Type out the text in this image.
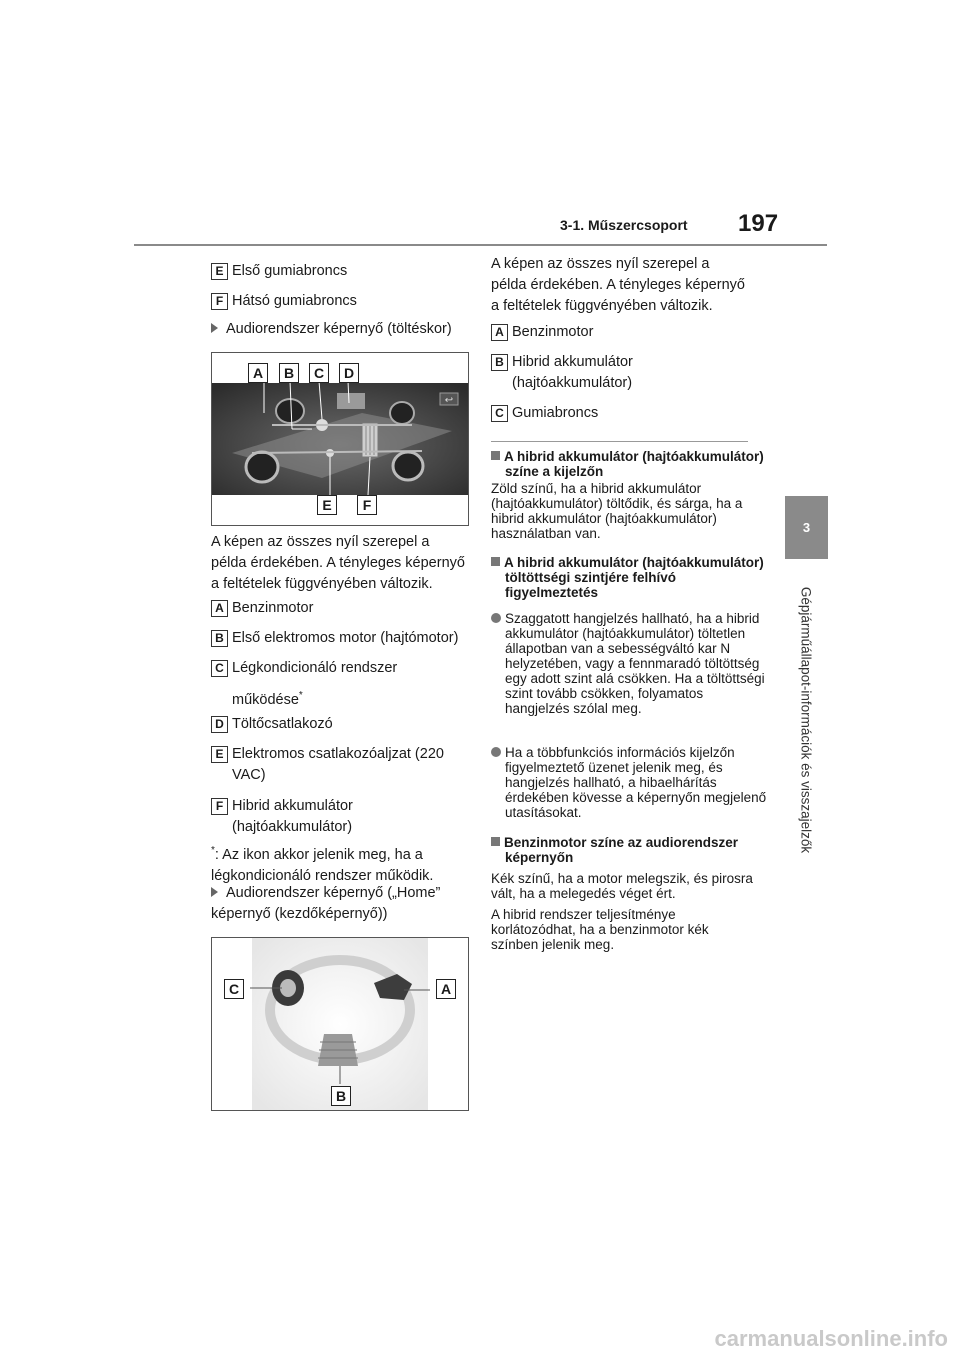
3-1. Műszercsoport 197
3
Gépjárműállapot-információk és visszajelzők
E Első gumiabroncs
F Hátsó gumiabroncs
Audiorendszer képernyő (töltéskor)
↩
A	B	C	D
E	F
A képen az összes nyíl szerepel a példa érdekében. A tényleges képernyő a feltételek függvényében változik.
A Benzinmotor
B Első elektromos motor (hajtómotor)
C Légkondicionáló rendszer működése*
D Töltőcsatlakozó
E Elektromos csatlakozóaljzat (220 VAC)
F Hibrid akkumulátor (hajtóakkumulátor)
*: Az ikon akkor jelenik meg, ha a légkondicionáló rendszer működik.
Audiorendszer képernyő („Home” képernyő (kezdőképernyő))
C	A
B
A képen az összes nyíl szerepel a példa érdekében. A tényleges képernyő a feltételek függvényében változik.
A Benzinmotor
B Hibrid akkumulátor (hajtóakkumulátor)
C Gumiabroncs
A hibrid akkumulátor (hajtóakkumulátor) színe a kijelzőn
Zöld színű, ha a hibrid akkumulátor (hajtóakkumulátor) töltődik, és sárga, ha a hibrid akkumulátor (hajtóakkumulátor) használatban van.
A hibrid akkumulátor (hajtóakkumulátor) töltöttségi szintjére felhívó figyelmeztetés
Szaggatott hangjelzés hallható, ha a hibrid akkumulátor (hajtóakkumulátor) töltetlen állapotban van a sebességváltó kar N helyzetében, vagy a fennmaradó töltöttség egy adott szint alá csökken. Ha a töltöttségi szint tovább csökken, folyamatos hangjelzés szólal meg.
Ha a többfunkciós információs kijelzőn figyelmeztető üzenet jelenik meg, és hangjelzés hallható, a hibaelhárítás érdekében kövesse a képernyőn megjelenő utasításokat.
Benzinmotor színe az audiorendszer képernyőn
Kék színű, ha a motor melegszik, és pirosra vált, ha a melegedés véget ért.
A hibrid rendszer teljesítménye korlátozódhat, ha a benzinmotor kék színben jelenik meg.
carmanualsonline.info
